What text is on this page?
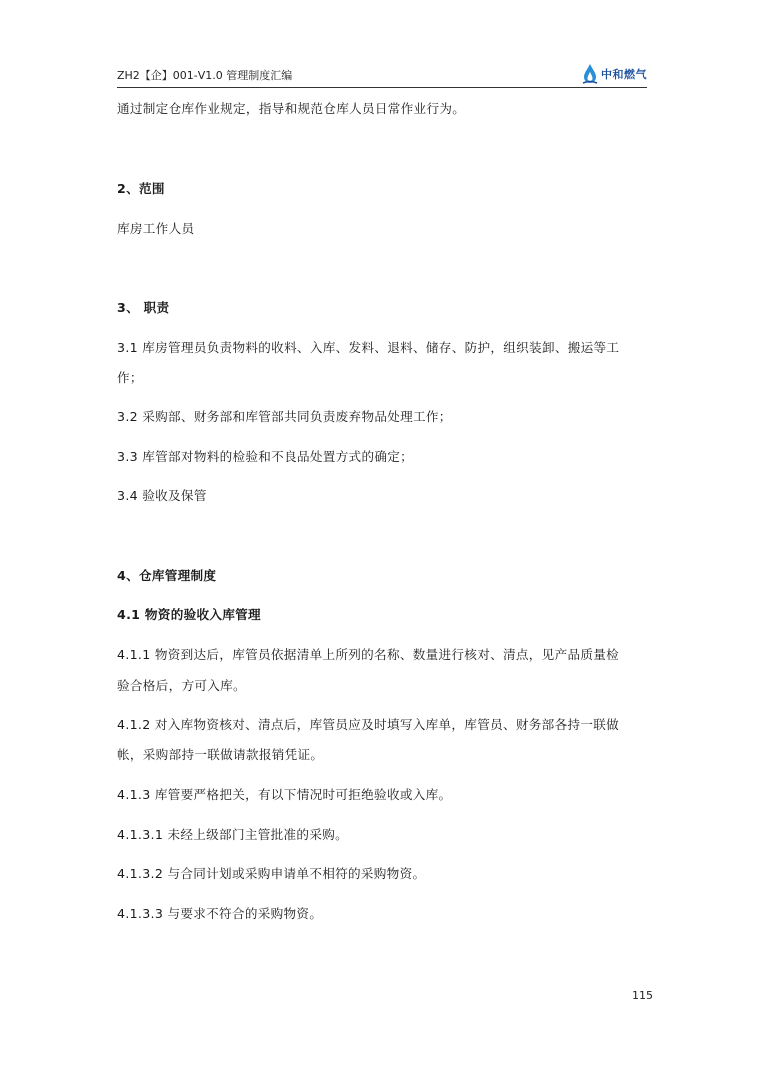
ZH2【企】001-V1.0 管理制度汇编	中和燃气
通过制定仓库作业规定，指导和规范仓库人员日常作业行为。
2、范围
库房工作人员
3、 职责
3.1 库房管理员负责物料的收料、入库、发料、退料、储存、防护，组织装卸、搬运等工
作；
3.2 采购部、财务部和库管部共同负责废弃物品处理工作；
3.3 库管部对物料的检验和不良品处置方式的确定；
3.4 验收及保管
4、仓库管理制度
4.1 物资的验收入库管理
4.1.1 物资到达后，库管员依据清单上所列的名称、数量进行核对、清点，见产品质量检
验合格后，方可入库。
4.1.2 对入库物资核对、清点后，库管员应及时填写入库单，库管员、财务部各持一联做
帐，采购部持一联做请款报销凭证。
4.1.3 库管要严格把关，有以下情况时可拒绝验收或入库。
4.1.3.1 未经上级部门主管批准的采购。
4.1.3.2 与合同计划或采购申请单不相符的采购物资。
4.1.3.3 与要求不符合的采购物资。
115
